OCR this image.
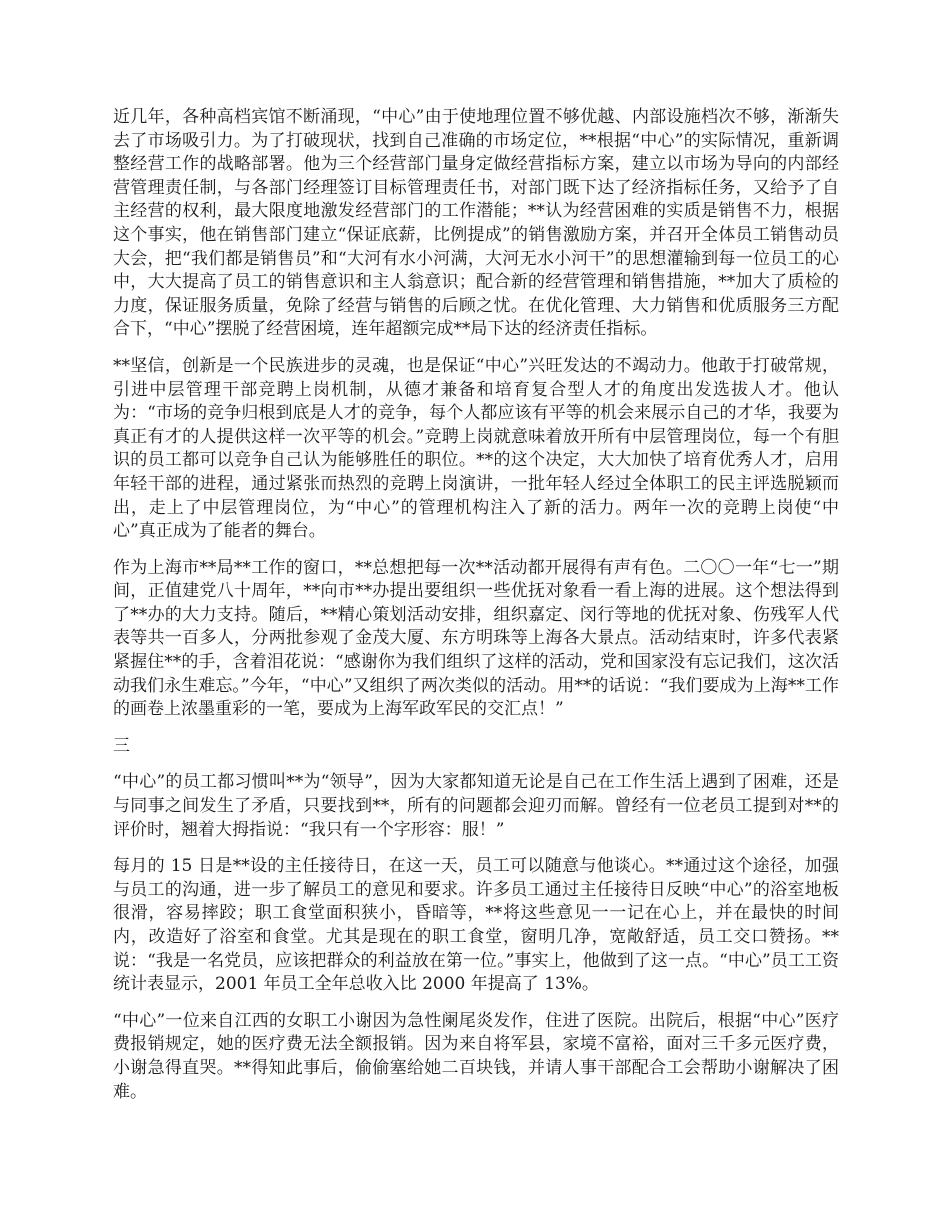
近几年，各种高档宾馆不断涌现，“中心”由于使地理位置不够优越、内部设施档次不够，渐渐失去了市场吸引力。为了打破现状，找到自己准确的市场定位，**根据“中心”的实际情况，重新调整经营工作的战略部署。他为三个经营部门量身定做经营指标方案，建立以市场为导向的内部经营管理责任制，与各部门经理签订目标管理责任书，对部门既下达了经济指标任务，又给予了自主经营的权利，最大限度地激发经营部门的工作潜能；**认为经营困难的实质是销售不力，根据这个事实，他在销售部门建立“保证底薪，比例提成”的销售激励方案，并召开全体员工销售动员大会，把“我们都是销售员”和“大河有水小河满，大河无水小河干”的思想灌输到每一位员工的心中，大大提高了员工的销售意识和主人翁意识；配合新的经营管理和销售措施，**加大了质检的力度，保证服务质量，免除了经营与销售的后顾之忧。在优化管理、大力销售和优质服务三方配合下，“中心”摆脱了经营困境，连年超额完成**局下达的经济责任指标。

**坚信，创新是一个民族进步的灵魂，也是保证“中心”兴旺发达的不竭动力。他敢于打破常规，引进中层管理干部竞聘上岗机制，从德才兼备和培育复合型人才的角度出发选拔人才。他认为：“市场的竞争归根到底是人才的竞争，每个人都应该有平等的机会来展示自己的才华，我要为真正有才的人提供这样一次平等的机会。”竞聘上岗就意味着放开所有中层管理岗位，每一个有胆识的员工都可以竞争自己认为能够胜任的职位。**的这个决定，大大加快了培育优秀人才，启用年轻干部的进程，通过紧张而热烈的竞聘上岗演讲，一批年轻人经过全体职工的民主评选脱颖而出，走上了中层管理岗位，为“中心”的管理机构注入了新的活力。两年一次的竞聘上岗使“中心”真正成为了能者的舞台。

作为上海市**局**工作的窗口，**总想把每一次**活动都开展得有声有色。二〇〇一年“七一”期间，正值建党八十周年，**向市**办提出要组织一些优抚对象看一看上海的进展。这个想法得到了**办的大力支持。随后，**精心策划活动安排，组织嘉定、闵行等地的优抚对象、伤残军人代表等共一百多人，分两批参观了金茂大厦、东方明珠等上海各大景点。活动结束时，许多代表紧紧握住**的手，含着泪花说：“感谢你为我们组织了这样的活动，党和国家没有忘记我们，这次活动我们永生难忘。”今年，“中心”又组织了两次类似的活动。用**的话说：“我们要成为上海**工作的画卷上浓墨重彩的一笔，要成为上海军政军民的交汇点！”

三

“中心”的员工都习惯叫**为“领导”，因为大家都知道无论是自己在工作生活上遇到了困难，还是与同事之间发生了矛盾，只要找到**，所有的问题都会迎刃而解。曾经有一位老员工提到对**的评价时，翘着大拇指说：“我只有一个字形容：服！”

每月的 15 日是**设的主任接待日，在这一天，员工可以随意与他谈心。**通过这个途径，加强与员工的沟通，进一步了解员工的意见和要求。许多员工通过主任接待日反映“中心”的浴室地板很滑，容易摔跤；职工食堂面积狭小，昏暗等，**将这些意见一一记在心上，并在最快的时间内，改造好了浴室和食堂。尤其是现在的职工食堂，窗明几净，宽敞舒适，员工交口赞扬。**说：“我是一名党员，应该把群众的利益放在第一位。”事实上，他做到了这一点。“中心”员工工资统计表显示，2001 年员工全年总收入比 2000 年提高了 13%。

“中心”一位来自江西的女职工小谢因为急性阑尾炎发作，住进了医院。出院后，根据“中心”医疗费报销规定，她的医疗费无法全额报销。因为来自将军县，家境不富裕，面对三千多元医疗费，小谢急得直哭。**得知此事后，偷偷塞给她二百块钱，并请人事干部配合工会帮助小谢解决了困难。
